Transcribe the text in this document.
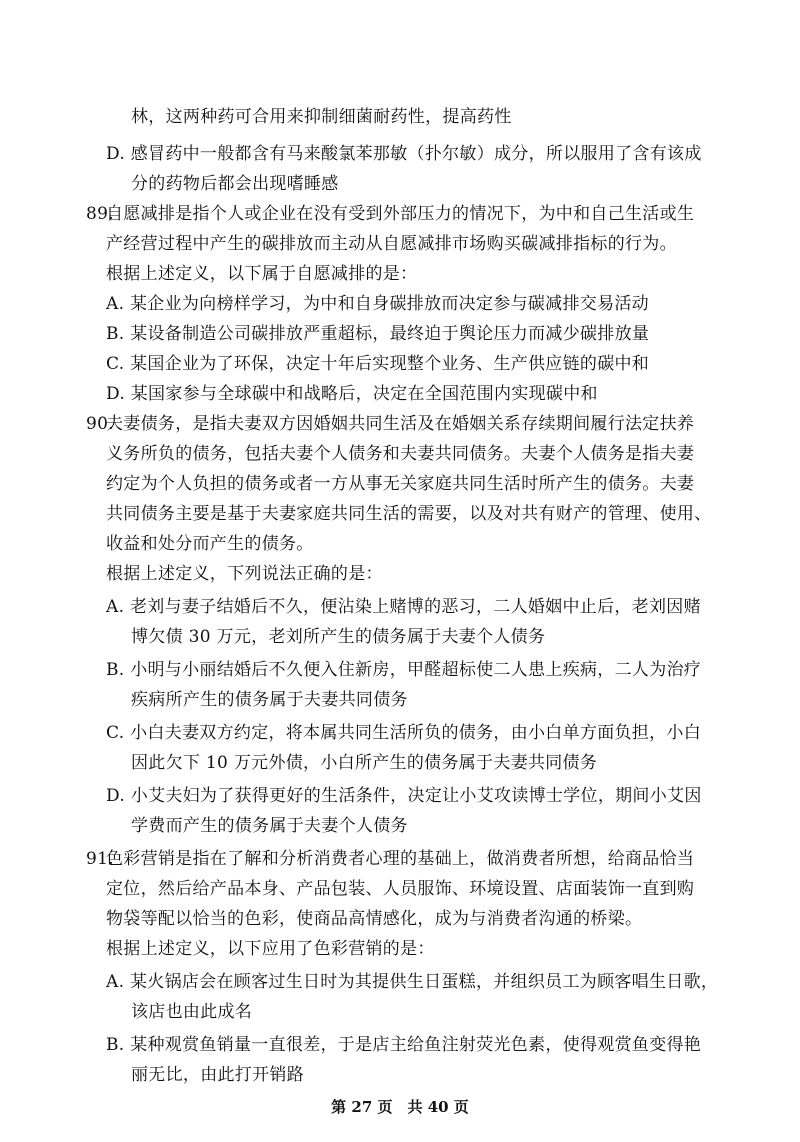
林，这两种药可合用来抑制细菌耐药性，提高药性
D. 感冒药中一般都含有马来酸氯苯那敏（扑尔敏）成分，所以服用了含有该成
分的药物后都会出现嗜睡感
89.
自愿减排是指个人或企业在没有受到外部压力的情况下，为中和自己生活或生
产经营过程中产生的碳排放而主动从自愿减排市场购买碳减排指标的行为。
根据上述定义，以下属于自愿减排的是：
A. 某企业为向榜样学习，为中和自身碳排放而决定参与碳减排交易活动
B. 某设备制造公司碳排放严重超标，最终迫于舆论压力而减少碳排放量
C. 某国企业为了环保，决定十年后实现整个业务、生产供应链的碳中和
D. 某国家参与全球碳中和战略后，决定在全国范围内实现碳中和
90.
夫妻债务，是指夫妻双方因婚姻共同生活及在婚姻关系存续期间履行法定扶养
义务所负的债务，包括夫妻个人债务和夫妻共同债务。夫妻个人债务是指夫妻
约定为个人负担的债务或者一方从事无关家庭共同生活时所产生的债务。夫妻
共同债务主要是基于夫妻家庭共同生活的需要，以及对共有财产的管理、使用、
收益和处分而产生的债务。
根据上述定义，下列说法正确的是：
A. 老刘与妻子结婚后不久，便沾染上赌博的恶习，二人婚姻中止后，老刘因赌
博欠债 30 万元，老刘所产生的债务属于夫妻个人债务
B. 小明与小丽结婚后不久便入住新房，甲醛超标使二人患上疾病，二人为治疗
疾病所产生的债务属于夫妻共同债务
C. 小白夫妻双方约定，将本属共同生活所负的债务，由小白单方面负担，小白
因此欠下 10 万元外债，小白所产生的债务属于夫妻共同债务
D. 小艾夫妇为了获得更好的生活条件，决定让小艾攻读博士学位，期间小艾因
学费而产生的债务属于夫妻个人债务
91.
色彩营销是指在了解和分析消费者心理的基础上，做消费者所想，给商品恰当
定位，然后给产品本身、产品包装、人员服饰、环境设置、店面装饰一直到购
物袋等配以恰当的色彩，使商品高情感化，成为与消费者沟通的桥梁。
根据上述定义，以下应用了色彩营销的是：
A. 某火锅店会在顾客过生日时为其提供生日蛋糕，并组织员工为顾客唱生日歌，
该店也由此成名
B. 某种观赏鱼销量一直很差，于是店主给鱼注射荧光色素，使得观赏鱼变得艳
丽无比，由此打开销路
第 27 页　共 40 页
